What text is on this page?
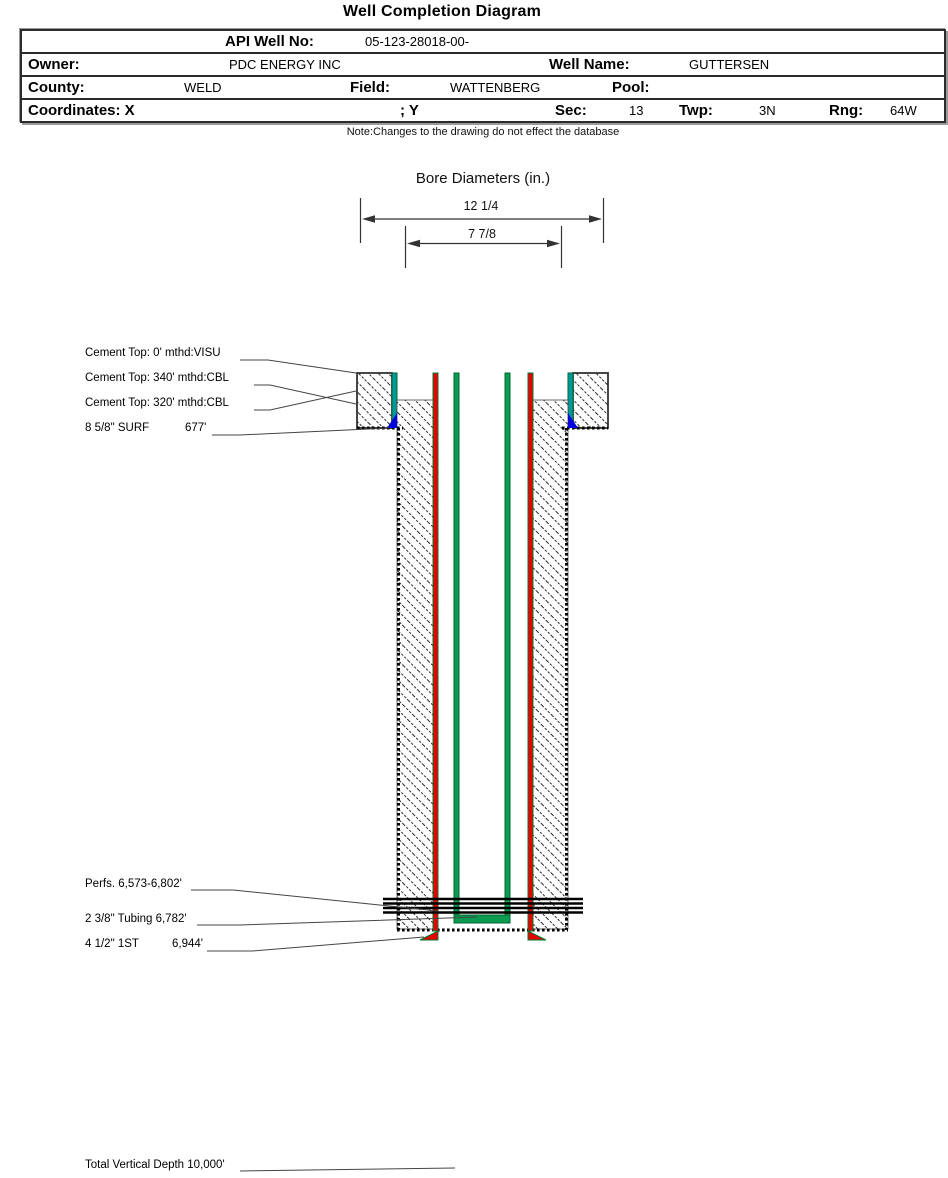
Well Completion Diagram
API Well No:	05-123-28018-00-
Owner:	PDC ENERGY INC	Well Name:	GUTTERSEN
County:	WELD	Field:	WATTENBERG	Pool:
Coordinates: X	; Y	Sec:	13 Twp:	3N	Rng: 64W
Note:Changes to the drawing do not effect the database
Bore Diameters (in.)
12 1/4
7 7/8
Cement Top: 0' mthd:VISU
Cement Top: 340' mthd:CBL
Cement Top: 320' mthd:CBL
8 5/8" SURF	677'
Perfs. 6,573-6,802'
2 3/8" Tubing 6,782'
4 1/2" 1ST	6,944'
Total Vertical Depth 10,000'
